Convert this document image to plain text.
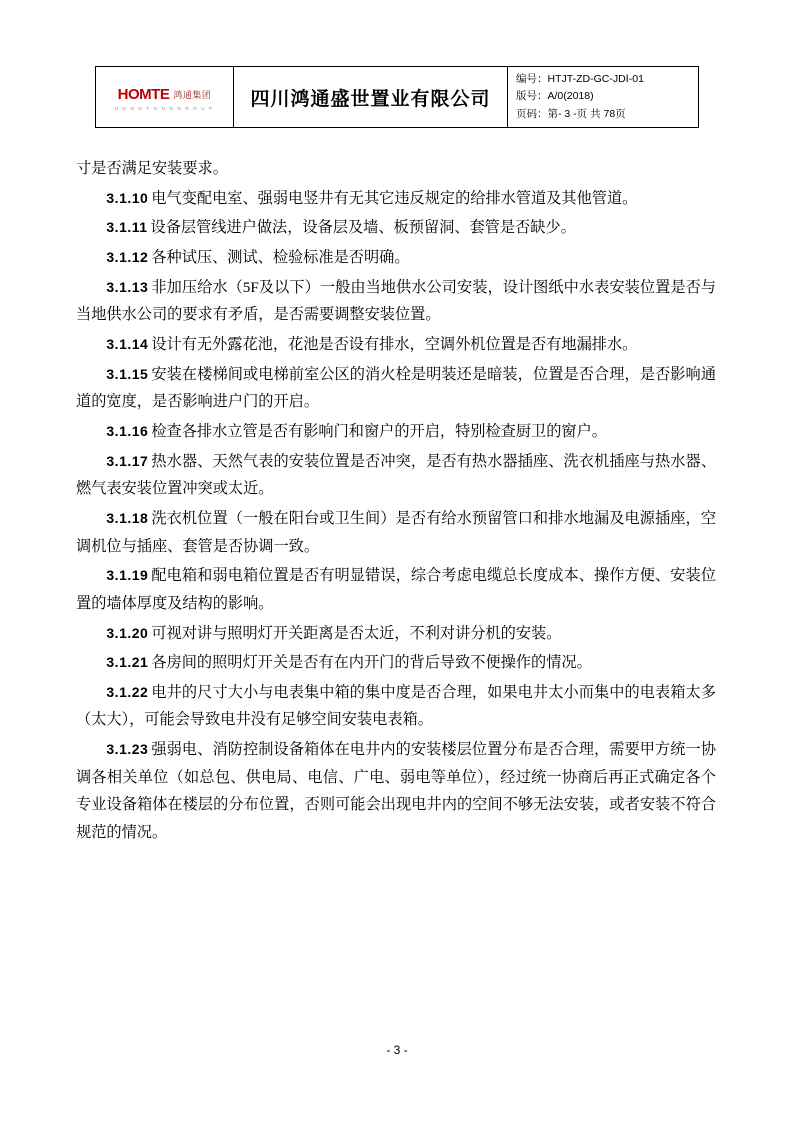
HOMTE 鸿通集团
H O N G T O N G G R O U P	四川鸿通盛世置业有限公司
编号：HTJT-ZD-GC-JDⅠ-01
版号：A/0(2018)
页码：第- 3 -页 共 78页

寸是否满足安装要求。

3.1.10 电气变配电室、强弱电竖井有无其它违反规定的给排水管道及其他管道。

3.1.11 设备层管线进户做法，设备层及墙、板预留洞、套管是否缺少。

3.1.12 各种试压、测试、检验标准是否明确。

3.1.13 非加压给水（5F及以下）一般由当地供水公司安装，设计图纸中水表安装位置是否与当地供水公司的要求有矛盾，是否需要调整安装位置。

3.1.14 设计有无外露花池，花池是否设有排水，空调外机位置是否有地漏排水。

3.1.15 安装在楼梯间或电梯前室公区的消火栓是明装还是暗装，位置是否合理，是否影响通道的宽度，是否影响进户门的开启。

3.1.16 检查各排水立管是否有影响门和窗户的开启，特别检查厨卫的窗户。

3.1.17 热水器、天然气表的安装位置是否冲突，是否有热水器插座、洗衣机插座与热水器、燃气表安装位置冲突或太近。

3.1.18 洗衣机位置（一般在阳台或卫生间）是否有给水预留管口和排水地漏及电源插座，空调机位与插座、套管是否协调一致。

3.1.19 配电箱和弱电箱位置是否有明显错误，综合考虑电缆总长度成本、操作方便、安装位置的墙体厚度及结构的影响。

3.1.20 可视对讲与照明灯开关距离是否太近，不利对讲分机的安装。

3.1.21 各房间的照明灯开关是否有在内开门的背后导致不便操作的情况。

3.1.22 电井的尺寸大小与电表集中箱的集中度是否合理，如果电井太小而集中的电表箱太多（太大），可能会导致电井没有足够空间安装电表箱。

3.1.23 强弱电、消防控制设备箱体在电井内的安装楼层位置分布是否合理，需要甲方统一协调各相关单位（如总包、供电局、电信、广电、弱电等单位），经过统一协商后再正式确定各个专业设备箱体在楼层的分布位置，否则可能会出现电井内的空间不够无法安装，或者安装不符合规范的情况。

- 3 -
